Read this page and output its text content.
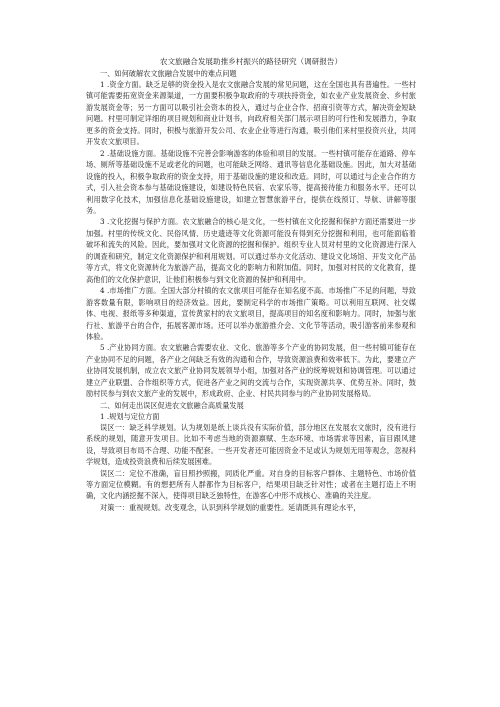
农文旅融合发展助推乡村振兴的路径研究（调研报告）
一、如何破解农文旅融合发展中的难点问题

1 .资金方面。缺乏足够的资金投入是农文旅融合发展的常见问题，这在全国也具有普遍性。一些村镇可能需要拓宽资金来源渠道，一方面要积极争取政府的专项扶持资金，如农业产业发展资金、乡村旅游发展资金等；另一方面可以吸引社会资本的投入，通过与企业合作、招商引资等方式，解决资金短缺问题。村里可制定详细的项目规划和商业计划书，向政府相关部门展示项目的可行性和发展潜力，争取更多的资金支持。同时，积极与旅游开发公司、农业企业等进行沟通，吸引他们来村里投资兴业，共同开发农文旅项目。

2 .基础设施方面。基础设施不完善会影响游客的体验和项目的发展。一些村镇可能存在道路、停车场、厕所等基础设施不足或老化的问题，也可能缺乏网络、通讯等信息化基础设施。因此，加大对基础设施的投入，积极争取政府的资金支持，用于基础设施的建设和改造。同时，可以通过与企业合作的方式，引入社会资本参与基础设施建设，如建设特色民宿、农家乐等，提高接待能力和服务水平。还可以利用数字化技术，加强信息化基础设施建设，如建立智慧旅游平台，提供在线预订、导航、讲解等服务。

3 .文化挖掘与保护方面。农文旅融合的核心是文化，一些村镇在文化挖掘和保护方面还需要进一步加强。村里的传统文化、民俗风情、历史遗迹等文化资源可能没有得到充分挖掘和利用，也可能面临着破坏和流失的风险。因此，要加强对文化资源的挖掘和保护。组织专业人员对村里的文化资源进行深入的调查和研究，制定文化资源保护和利用规划。可以通过举办文化活动、建设文化场馆、开发文化产品等方式，将文化资源转化为旅游产品，提高文化的影响力和附加值。同时，加强对村民的文化教育，提高他们的文化保护意识，让他们积极参与到文化资源的保护和利用中。

4 .市场推广方面。全国大部分村镇的农文旅项目可能存在知名度不高、市场推广不足的问题，导致游客数量有限，影响项目的经济效益。因此，要制定科学的市场推广策略。可以利用互联网、社交媒体、电视、报纸等多种渠道，宣传黄家村的农文旅项目，提高项目的知名度和影响力。同时，加强与旅行社、旅游平台的合作，拓展客源市场。还可以举办旅游推介会、文化节等活动，吸引游客前来参观和体验。

5 .产业协同方面。农文旅融合需要农业、文化、旅游等多个产业的协同发展，但一些村镇可能存在产业协同不足的问题，各产业之间缺乏有效的沟通和合作，导致资源浪费和效率低下。为此，要建立产业协同发展机制，成立农文旅产业协同发展领导小组，加强对各产业的统筹规划和协调管理。可以通过建立产业联盟、合作组织等方式，促进各产业之间的交流与合作，实现资源共享、优势互补。同时，鼓励村民参与到农文旅产业的发展中，形成政府、企业、村民共同参与的产业协同发展格局。

二、如何走出误区促进农文旅融合高质量发展
1 .规划与定位方面

误区一：缺乏科学规划。认为规划是纸上谈兵没有实际价值，部分地区在发展农文旅时，没有进行系统的规划，随意开发项目。比如不考虑当地的资源禀赋、生态环境、市场需求等因素，盲目跟风建设，导致项目布局不合理、功能不配套。一些开发者还可能因资金不足或认为规划无用等观念，忽视科学规划，造成投资浪费和后续发展困难。

误区二：定位不准确，盲目照抄照搬，同质化严重。对自身的目标客户群体、主题特色、市场价值等方面定位模糊。有的想把所有人群都作为目标客户，结果项目缺乏针对性；或者在主题打造上不明确，文化内涵挖掘不深入，使得项目缺乏独特性，在游客心中形不成核心、准确的关注度。

对策一：重视规划。改变观念，认识到科学规划的重要性。延请既具有理论水平，
